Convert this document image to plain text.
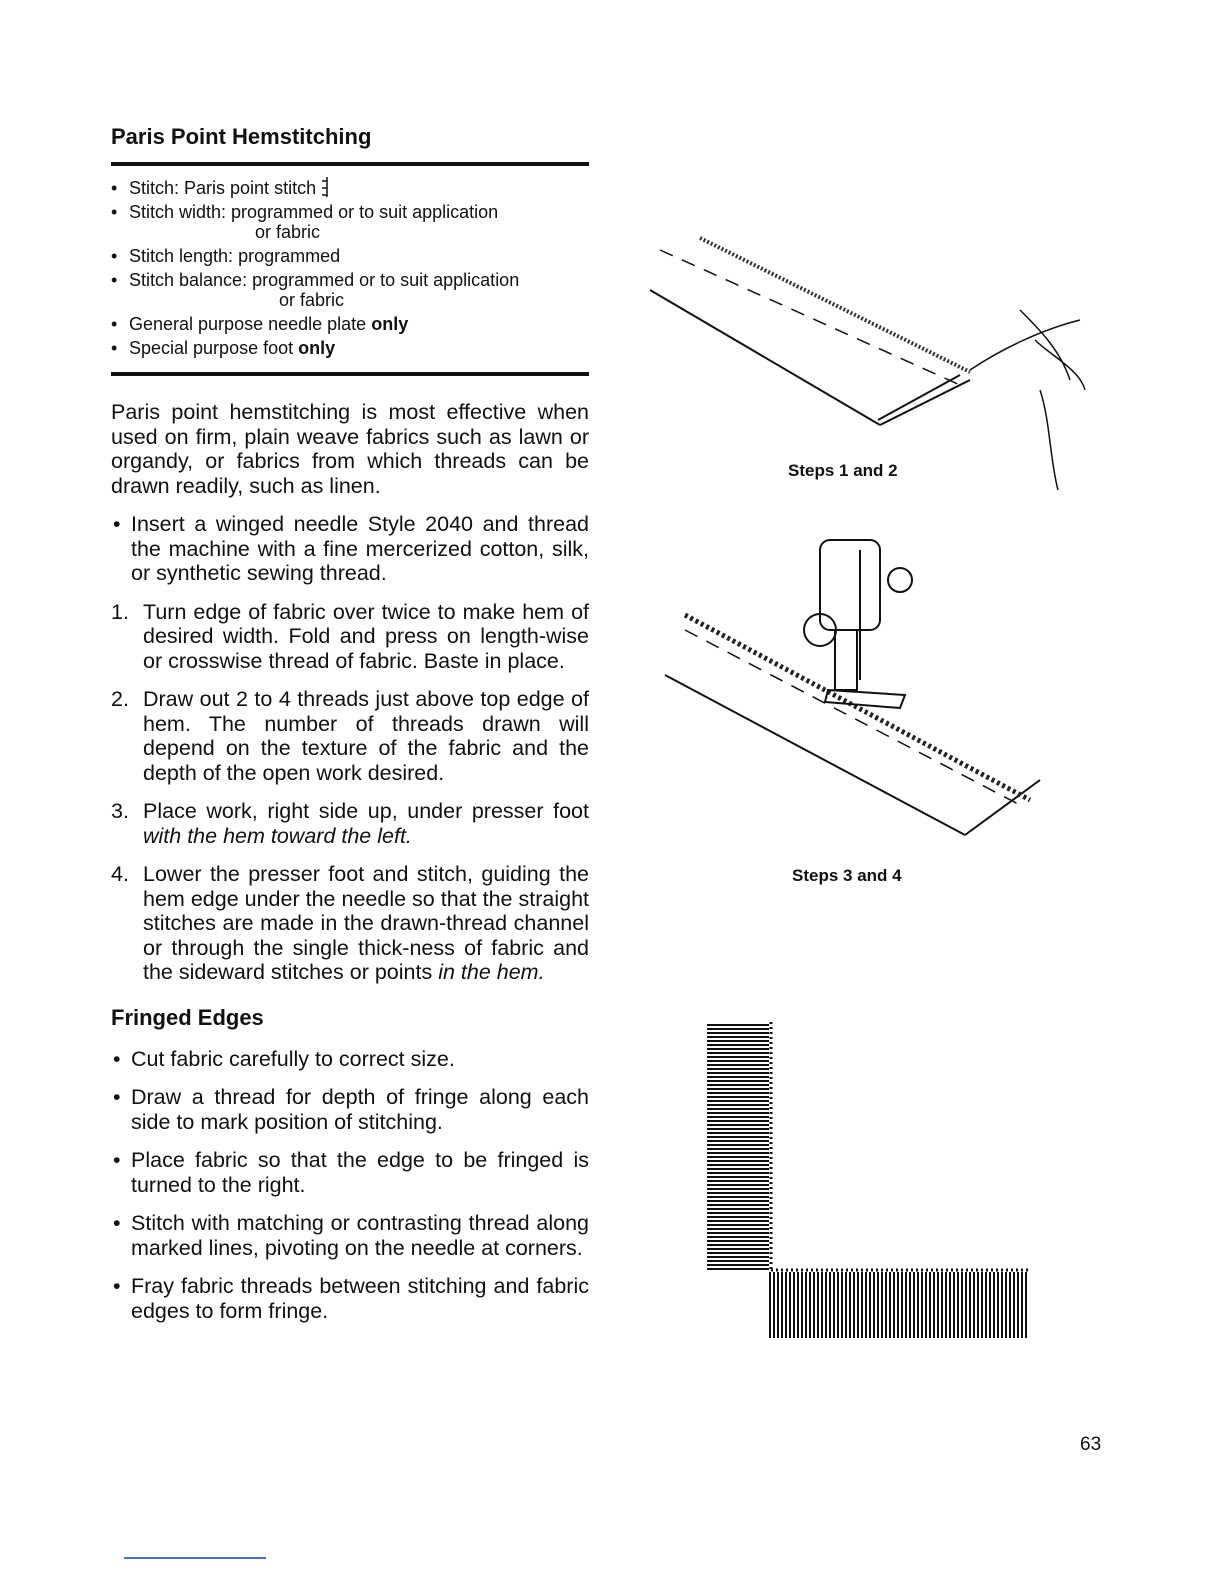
Paris Point Hemstitching
• Stitch: Paris point stitch
• Stitch width: programmed or to suit application
or fabric
• Stitch length: programmed
• Stitch balance: programmed or to suit application
or fabric
• General purpose needle plate only
• Special purpose foot only

Paris point hemstitching is most effective when used on firm, plain weave fabrics such as lawn or organdy, or fabrics from which threads can be drawn readily, such as linen.

• Insert a winged needle Style 2040 and thread the machine with a fine mercerized cotton, silk, or synthetic sewing thread.

1. Turn edge of fabric over twice to make hem of desired width. Fold and press on length-wise or crosswise thread of fabric. Baste in place.

2. Draw out 2 to 4 threads just above top edge of hem. The number of threads drawn will depend on the texture of the fabric and the depth of the open work desired.

3. Place work, right side up, under presser foot with the hem toward the left.

4. Lower the presser foot and stitch, guiding the hem edge under the needle so that the straight stitches are made in the drawn-thread channel or through the single thick-ness of fabric and the sideward stitches or points in the hem.

Fringed Edges

• Cut fabric carefully to correct size.

• Draw a thread for depth of fringe along each side to mark position of stitching.

• Place fabric so that the edge to be fringed is turned to the right.

• Stitch with matching or contrasting thread along marked lines, pivoting on the needle at corners.

• Fray fabric threads between stitching and fabric edges to form fringe.

Steps 1 and 2
Steps 3 and 4
63
